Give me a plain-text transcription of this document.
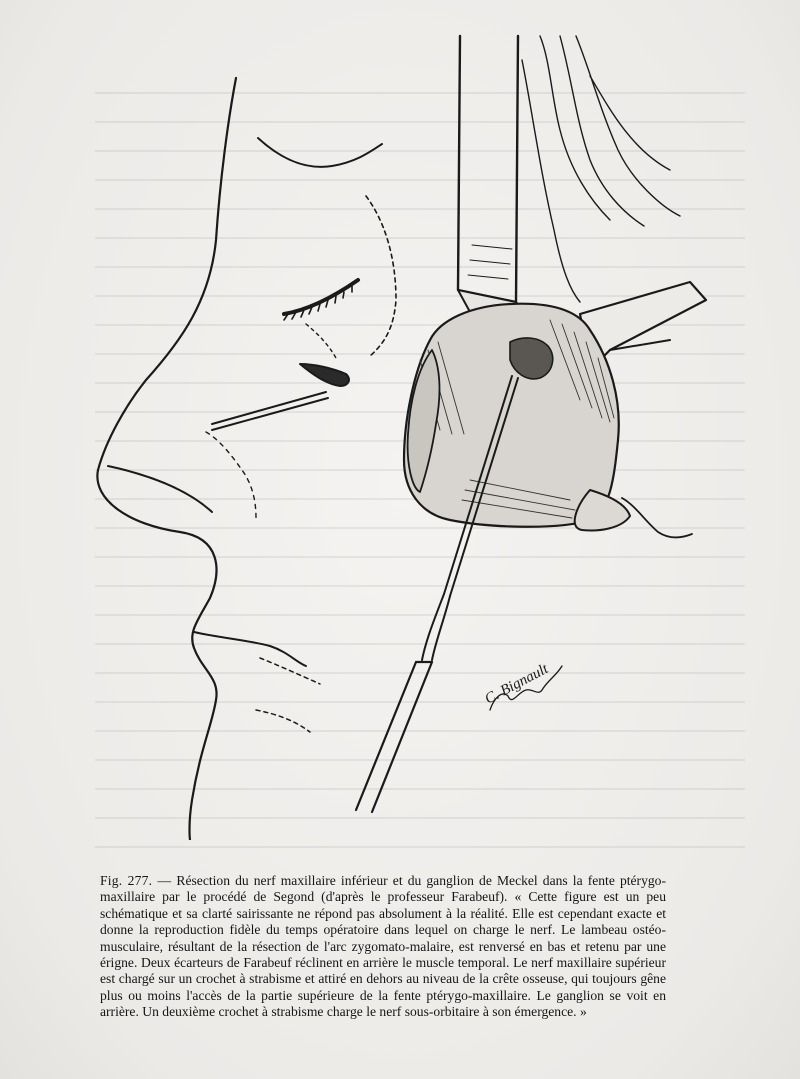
C. Bignault

Fig. 277. — Résection du nerf maxillaire inférieur et du ganglion de Meckel dans la fente ptérygo-maxillaire par le procédé de Segond (d'après le professeur Farabeuf). « Cette figure est un peu schématique et sa clarté sairissante ne répond pas absolument à la réalité. Elle est cependant exacte et donne la reproduction fidèle du temps opératoire dans lequel on charge le nerf. Le lambeau ostéo-musculaire, résultant de la résection de l'arc zygomato-malaire, est renversé en bas et retenu par une érigne. Deux écarteurs de Farabeuf réclinent en arrière le muscle temporal. Le nerf maxillaire supérieur est chargé sur un crochet à strabisme et attiré en dehors au niveau de la crête osseuse, qui toujours gêne plus ou moins l'accès de la partie supérieure de la fente ptérygo-maxillaire. Le ganglion se voit en arrière. Un deuxième crochet à strabisme charge le nerf sous-orbitaire à son émergence. »
